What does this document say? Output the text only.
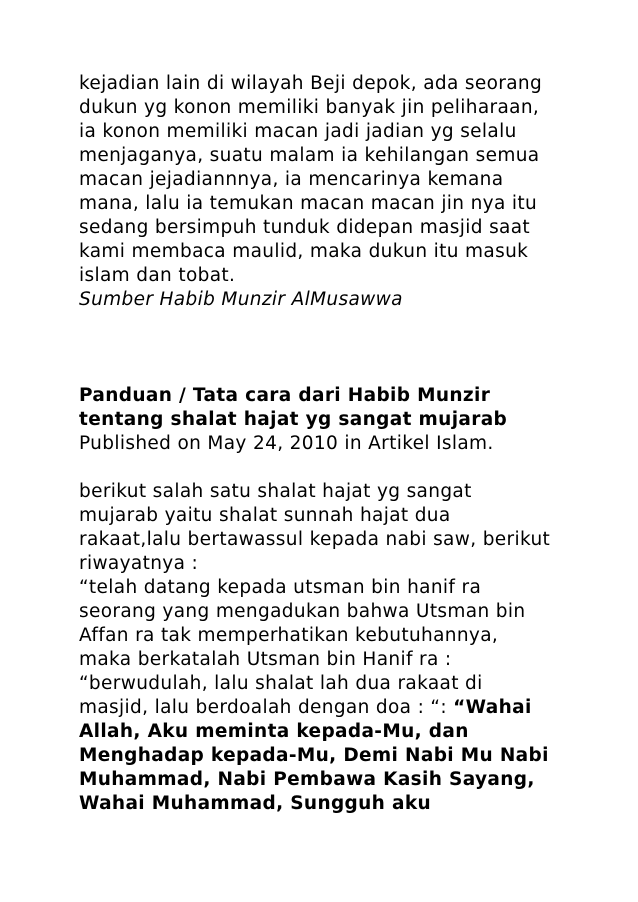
kejadian lain di wilayah Beji depok, ada seorang
dukun yg konon memiliki banyak jin peliharaan,
ia konon memiliki macan jadi jadian yg selalu
menjaganya, suatu malam ia kehilangan semua
macan jejadiannnya, ia mencarinya kemana
mana, lalu ia temukan macan macan jin nya itu
sedang bersimpuh tunduk didepan masjid saat
kami membaca maulid, maka dukun itu masuk
islam dan tobat.
Sumber Habib Munzir AlMusawwa
Panduan / Tata cara dari Habib Munzir
tentang shalat hajat yg sangat mujarab
Published on May 24, 2010 in Artikel Islam.
berikut salah satu shalat hajat yg sangat
mujarab yaitu shalat sunnah hajat dua
rakaat,lalu bertawassul kepada nabi saw, berikut
riwayatnya :
“telah datang kepada utsman bin hanif ra
seorang yang mengadukan bahwa Utsman bin
Affan ra tak memperhatikan kebutuhannya,
maka berkatalah Utsman bin Hanif ra :
“berwudulah, lalu shalat lah dua rakaat di
masjid, lalu berdoalah dengan doa : “: “Wahai
Allah, Aku meminta kepada-Mu, dan
Menghadap kepada-Mu, Demi Nabi Mu Nabi
Muhammad, Nabi Pembawa Kasih Sayang,
Wahai Muhammad, Sungguh aku
